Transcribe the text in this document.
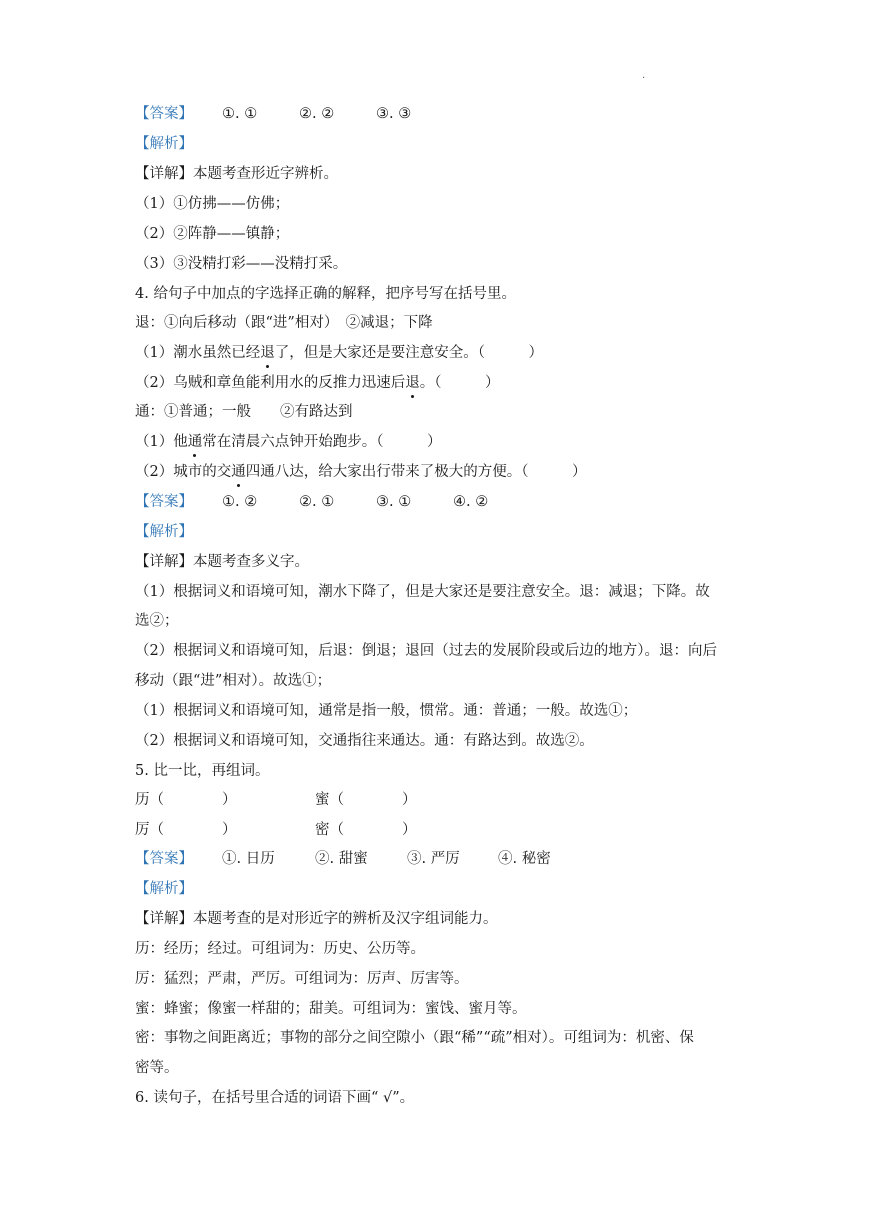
.
【答案】 ①. ①	②. ②	③. ③
【解析】
【详解】本题考查形近字辨析。
（1）①仿拂——仿佛；
（2）②阵静——镇静；
（3）③没精打彩——没精打采。
4. 给句子中加点的字选择正确的解释，把序号写在括号里。
退：①向后移动（跟“进”相对）　②减退；下降
（1）潮水虽然已经退了，但是大家还是要注意安全。（　　　）
（2）乌贼和章鱼能利用水的反推力迅速后退。（　　　）
通：①普通；一般　　②有路达到
（1）他通常在清晨六点钟开始跑步。（　　　）
（2）城市的交通四通八达，给大家出行带来了极大的方便。（　　　）
【答案】 ①. ②	②. ①	③. ①	④. ②
【解析】
【详解】本题考查多义字。
（1）根据词义和语境可知，潮水下降了，但是大家还是要注意安全。退：减退；下降。故
选②；
（2）根据词义和语境可知，后退：倒退；退回（过去的发展阶段或后边的地方）。退：向后
移动（跟“进”相对）。故选①；
（1）根据词义和语境可知，通常是指一般，惯常。通：普通；一般。故选①；
（2）根据词义和语境可知，交通指往来通达。通：有路达到。故选②。
5. 比一比，再组词。
历（　　　　）	蜜（　　　　）
厉（　　　　）	密（　　　　）
【答案】 ①. 日历	②. 甜蜜	③. 严厉	④. 秘密
【解析】
【详解】本题考查的是对形近字的辨析及汉字组词能力。
历：经历；经过。可组词为：历史、公历等。
厉：猛烈；严肃，严厉。可组词为：厉声、厉害等。
蜜：蜂蜜；像蜜一样甜的；甜美。可组词为：蜜饯、蜜月等。
密：事物之间距离近；事物的部分之间空隙小（跟“稀”“疏”相对）。可组词为：机密、保
密等。
6. 读句子，在括号里合适的词语下画“ √”。
